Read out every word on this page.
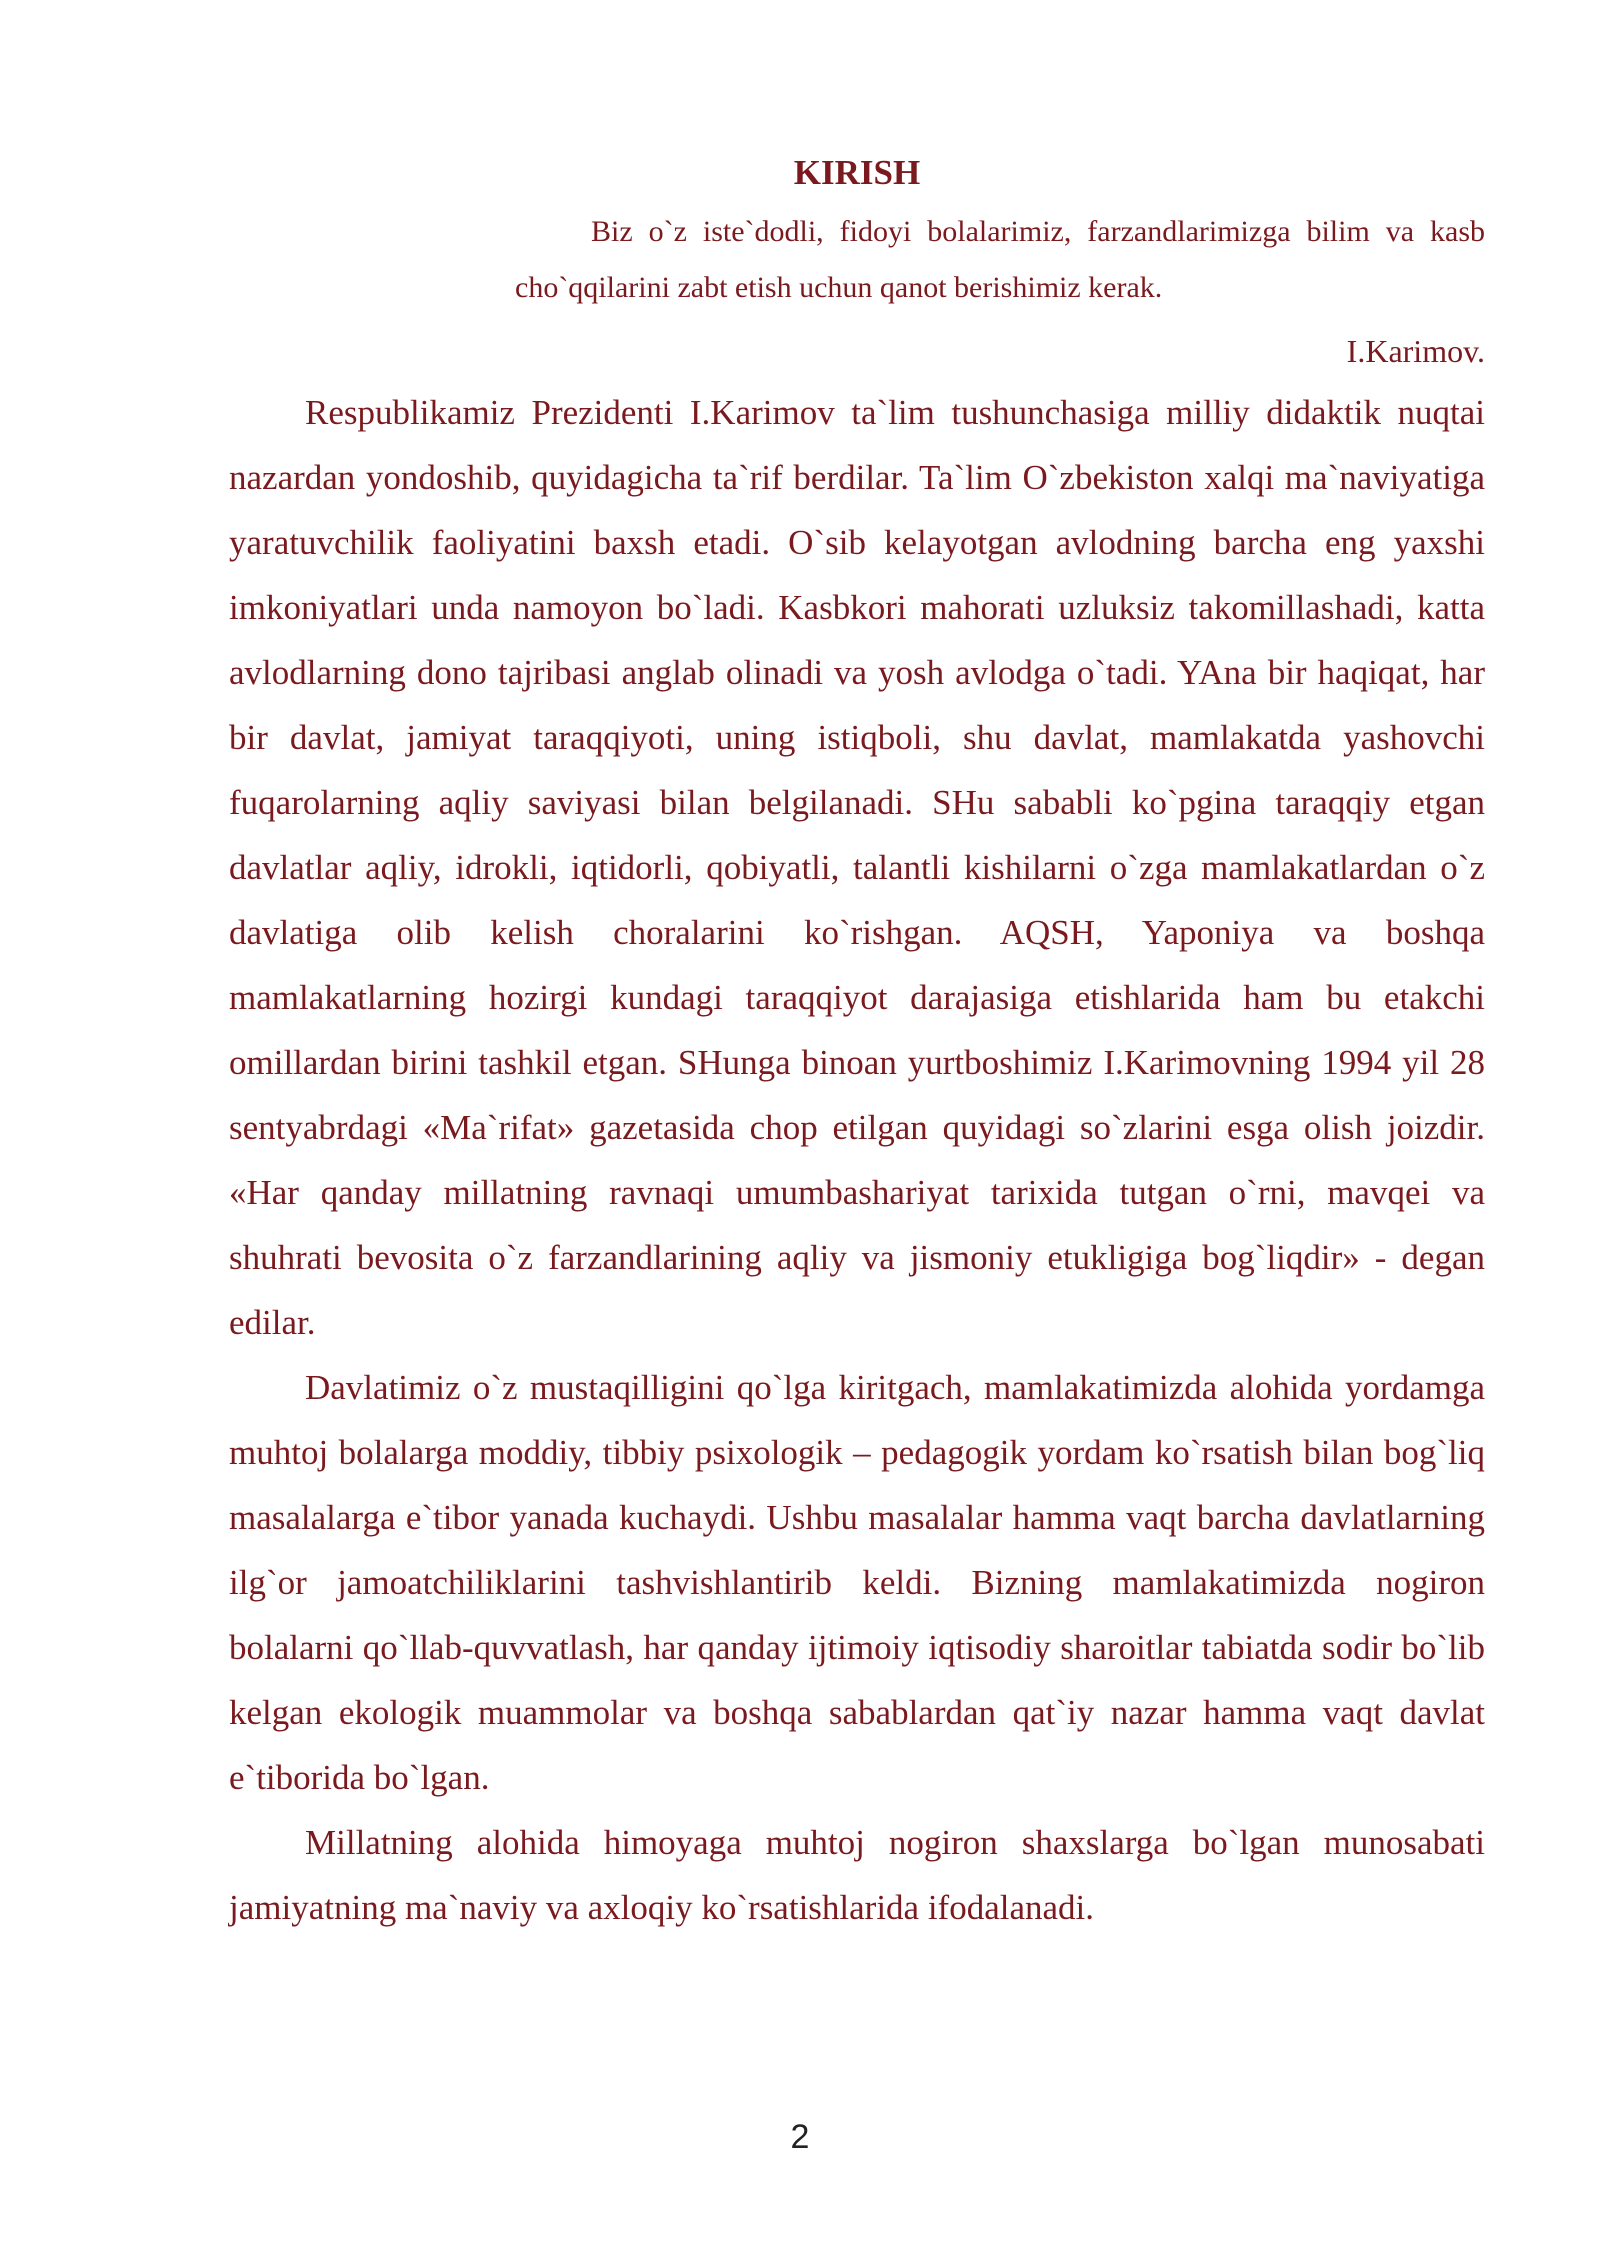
KIRISH
Biz o`z iste`dodli, fidoyi bolalarimiz, farzandlarimizga bilim va kasb cho`qqilarini zabt etish uchun qanot berishimiz kerak.
I.Karimov.

Respublikamiz Prezidenti I.Karimov ta`lim tushunchasiga milliy didaktik nuqtai nazardan yondoshib, quyidagicha ta`rif berdilar. Ta`lim O`zbekiston xalqi ma`naviyatiga yaratuvchilik faoliyatini baxsh etadi. O`sib kelayotgan avlodning barcha eng yaxshi imkoniyatlari unda namoyon bo`ladi. Kasbkori mahorati uzluksiz takomillashadi, katta avlodlarning dono tajribasi anglab olinadi va yosh avlodga o`tadi. YAna bir haqiqat, har bir davlat, jamiyat taraqqiyoti, uning istiqboli, shu davlat, mamlakatda yashovchi fuqarolarning aqliy saviyasi bilan belgilanadi. SHu sababli ko`pgina taraqqiy etgan davlatlar aqliy, idrokli, iqtidorli, qobiyatli, talantli kishilarni o`zga mamlakatlardan o`z davlatiga olib kelish choralarini ko`rishgan. AQSH, Yaponiya va boshqa mamlakatlarning hozirgi kundagi taraqqiyot darajasiga etishlarida ham bu etakchi omillardan birini tashkil etgan. SHunga binoan yurtboshimiz I.Karimovning 1994 yil 28 sentyabrdagi «Ma`rifat» gazetasida chop etilgan quyidagi so`zlarini esga olish joizdir. «Har qanday millatning ravnaqi umumbashariyat tarixida tutgan o`rni, mavqei va shuhrati bevosita o`z farzandlarining aqliy va jismoniy etukligiga bog`liqdir» - degan edilar.

Davlatimiz o`z mustaqilligini qo`lga kiritgach, mamlakatimizda alohida yordamga muhtoj bolalarga moddiy, tibbiy psixologik – pedagogik yordam ko`rsatish bilan bog`liq masalalarga e`tibor yanada kuchaydi. Ushbu masalalar hamma vaqt barcha davlatlarning ilg`or jamoatchiliklarini tashvishlantirib keldi. Bizning mamlakatimizda nogiron bolalarni qo`llab-quvvatlash, har qanday ijtimoiy iqtisodiy sharoitlar tabiatda sodir bo`lib kelgan ekologik muammolar va boshqa sabablardan qat`iy nazar hamma vaqt davlat e`tiborida bo`lgan.

Millatning alohida himoyaga muhtoj nogiron shaxslarga bo`lgan munosabati jamiyatning ma`naviy va axloqiy ko`rsatishlarida ifodalanadi.

2
